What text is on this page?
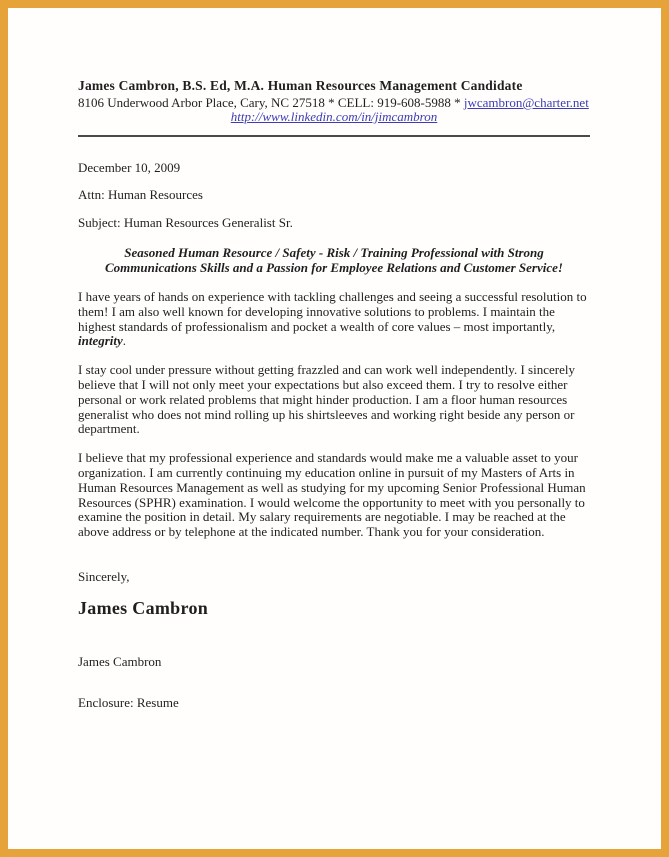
James Cambron, B.S. Ed, M.A. Human Resources Management Candidate
8106 Underwood Arbor Place, Cary, NC 27518 * CELL: 919-608-5988 * jwcambron@charter.net
http://www.linkedin.com/in/jimcambron

December 10, 2009

Attn: Human Resources

Subject: Human Resources Generalist Sr.

Seasoned Human Resource / Safety - Risk / Training Professional with Strong Communications Skills and a Passion for Employee Relations and Customer Service!

I have years of hands on experience with tackling challenges and seeing a successful resolution to them! I am also well known for developing innovative solutions to problems. I maintain the highest standards of professionalism and pocket a wealth of core values – most importantly, integrity.

I stay cool under pressure without getting frazzled and can work well independently. I sincerely believe that I will not only meet your expectations but also exceed them. I try to resolve either personal or work related problems that might hinder production. I am a floor human resources generalist who does not mind rolling up his shirtsleeves and working right beside any person or department.

I believe that my professional experience and standards would make me a valuable asset to your organization. I am currently continuing my education online in pursuit of my Masters of Arts in Human Resources Management as well as studying for my upcoming Senior Professional Human Resources (SPHR) examination. I would welcome the opportunity to meet with you personally to examine the position in detail. My salary requirements are negotiable. I may be reached at the above address or by telephone at the indicated number. Thank you for your consideration.

Sincerely,

James Cambron

James Cambron

Enclosure: Resume
